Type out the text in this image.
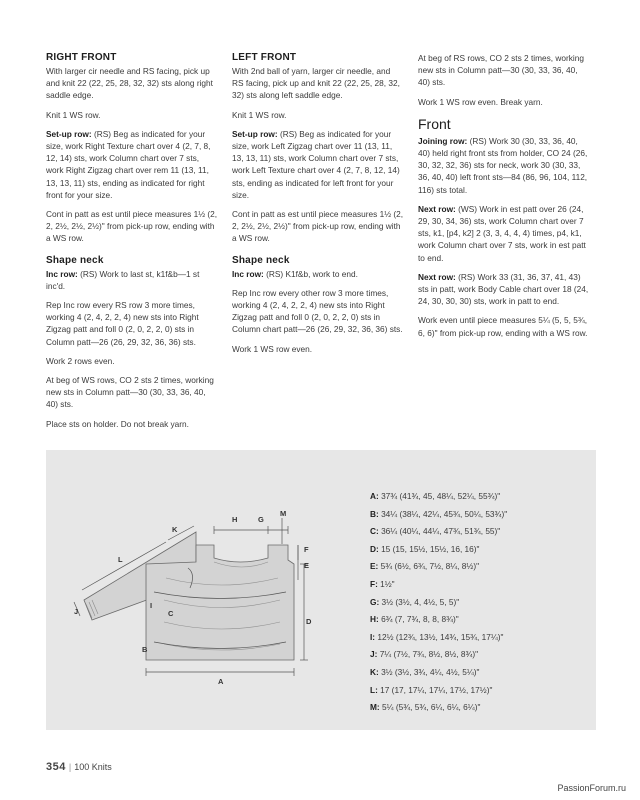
RIGHT FRONT

With larger cir needle and RS facing, pick up and knit 22 (22, 25, 28, 32, 32) sts along right saddle edge.

Knit 1 WS row.

Set-up row: (RS) Beg as indicated for your size, work Right Texture chart over 4 (2, 7, 8, 12, 14) sts, work Column chart over 7 sts, work Right Zigzag chart over rem 11 (13, 11, 13, 13, 11) sts, ending as indicated for right front for your size.

Cont in patt as est until piece measures 1½ (2, 2, 2½, 2½, 2½)" from pick-up row, ending with a WS row.

Shape neck

Inc row: (RS) Work to last st, k1f&b—1 st inc'd.

Rep Inc row every RS row 3 more times, working 4 (2, 4, 2, 2, 4) new sts into Right Zigzag patt and foll 0 (2, 0, 2, 2, 0) sts in Column patt—26 (26, 29, 32, 36, 36) sts.

Work 2 rows even.

At beg of WS rows, CO 2 sts 2 times, working new sts in Column patt—30 (30, 33, 36, 40, 40) sts.

Place sts on holder. Do not break yarn.

LEFT FRONT

With 2nd ball of yarn, larger cir needle, and RS facing, pick up and knit 22 (22, 25, 28, 32, 32) sts along left saddle edge.

Knit 1 WS row.

Set-up row: (RS) Beg as indicated for your size, work Left Zigzag chart over 11 (13, 11, 13, 13, 11) sts, work Column chart over 7 sts, work Left Texture chart over 4 (2, 7, 8, 12, 14) sts, ending as indicated for left front for your size.

Cont in patt as est until piece measures 1½ (2, 2, 2½, 2½, 2½)" from pick-up row, ending with a WS row.

Shape neck

Inc row: (RS) K1f&b, work to end.

Rep Inc row every other row 3 more times, working 4 (2, 4, 2, 2, 4) new sts into Right Zigzag patt and foll 0 (2, 0, 2, 2, 0) sts in Column chart patt—26 (26, 29, 32, 36, 36) sts.

Work 1 WS row even.

At beg of RS rows, CO 2 sts 2 times, working new sts in Column patt—30 (30, 33, 36, 40, 40) sts.

Work 1 WS row even. Break yarn.

Front

Joining row: (RS) Work 30 (30, 33, 36, 40, 40) held right front sts from holder, CO 24 (26, 30, 32, 32, 36) sts for neck, work 30 (30, 33, 36, 40, 40) left front sts—84 (86, 96, 104, 112, 116) sts total.

Next row: (WS) Work in est patt over 26 (24, 29, 30, 34, 36) sts, work Column chart over 7 sts, k1, [p4, k2] 2 (3, 3, 4, 4, 4) times, p4, k1, work Column chart over 7 sts, work in est patt to end.

Next row: (RS) Work 33 (31, 36, 37, 41, 43) sts in patt, work Body Cable chart over 18 (24, 24, 30, 30, 30) sts, work in patt to end.

Work even until piece measures 5¼ (5, 5, 5¾, 6, 6)" from pick-up row, ending with a WS row.

A
B
C
D
E
F
G
H
I
J
K
L
M
A: 37¾ (41¾, 45, 48¼, 52¼, 55¾)"
B: 34¼ (38¼, 42¼, 45¾, 50¼, 53¾)"
C: 36¼ (40¼, 44¼, 47¾, 51¾, 55)"
D: 15 (15, 15½, 15½, 16, 16)"
E: 5¾ (6½, 6¾, 7½, 8¼, 8½)"
F: 1½"
G: 3½ (3½, 4, 4½, 5, 5)"
H: 6¾ (7, 7¾, 8, 8, 8¾)"
I: 12½ (12¾, 13½, 14¾, 15¾, 17¼)"
J: 7¼ (7½, 7¾, 8½, 8½, 8¾)"
K: 3½ (3½, 3¾, 4¼, 4½, 5¼)"
L: 17 (17, 17¼, 17¼, 17½, 17½)"
M: 5¼ (5¾, 5¾, 6¼, 6¼, 6¼)"
354 | 100 Knits
PassionForum.ru
